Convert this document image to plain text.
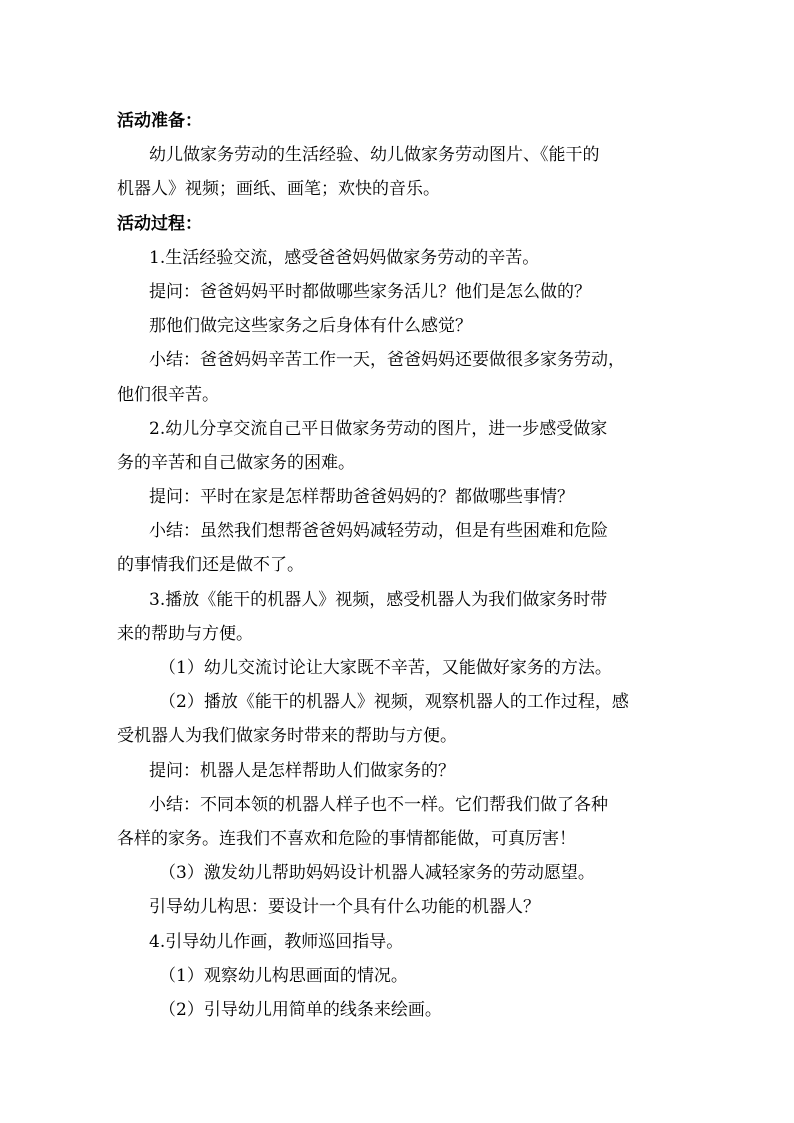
活动准备：
幼儿做家务劳动的生活经验、幼儿做家务劳动图片、《能干的
机器人》视频；画纸、画笔；欢快的音乐。
活动过程：
1.生活经验交流，感受爸爸妈妈做家务劳动的辛苦。
提问：爸爸妈妈平时都做哪些家务活儿？他们是怎么做的？
那他们做完这些家务之后身体有什么感觉？
小结：爸爸妈妈辛苦工作一天，爸爸妈妈还要做很多家务劳动，
他们很辛苦。
2.幼儿分享交流自己平日做家务劳动的图片，进一步感受做家
务的辛苦和自己做家务的困难。
提问：平时在家是怎样帮助爸爸妈妈的？都做哪些事情？
小结：虽然我们想帮爸爸妈妈减轻劳动，但是有些困难和危险
的事情我们还是做不了。
3.播放《能干的机器人》视频，感受机器人为我们做家务时带
来的帮助与方便。
（1）幼儿交流讨论让大家既不辛苦，又能做好家务的方法。
（2）播放《能干的机器人》视频，观察机器人的工作过程，感
受机器人为我们做家务时带来的帮助与方便。
提问：机器人是怎样帮助人们做家务的？
小结：不同本领的机器人样子也不一样。它们帮我们做了各种
各样的家务。连我们不喜欢和危险的事情都能做，可真厉害！
（3）激发幼儿帮助妈妈设计机器人减轻家务的劳动愿望。
引导幼儿构思：要设计一个具有什么功能的机器人？
4.引导幼儿作画，教师巡回指导。
（1）观察幼儿构思画面的情况。
（2）引导幼儿用简单的线条来绘画。
